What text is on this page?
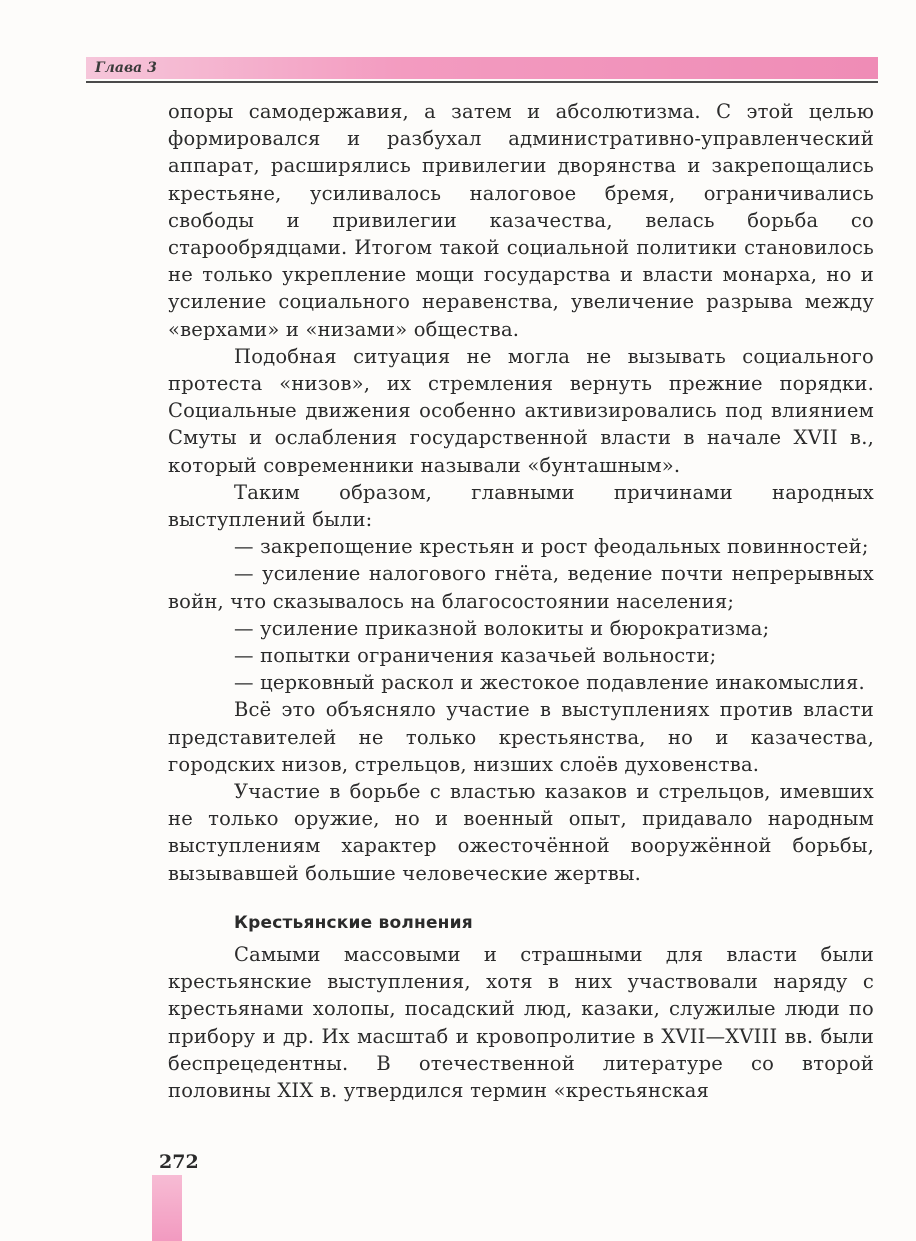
Глава 3

опоры самодержавия, а затем и абсолютизма. С этой целью формировался и разбухал административно-управленческий аппарат, расширялись привилегии дворянства и закрепощались крестьяне, усиливалось налоговое бремя, ограничивались свободы и привилегии казачества, велась борьба со старообрядцами. Итогом такой социальной политики становилось не только укрепление мощи государства и власти монарха, но и усиление социального неравенства, увеличение разрыва между «верхами» и «низами» общества.

Подобная ситуация не могла не вызывать социального протеста «низов», их стремления вернуть прежние порядки. Социальные движения особенно активизировались под влиянием Смуты и ослабления государственной власти в начале XVII в., который современники называли «бунташным».

Таким образом, главными причинами народных выступлений были:

— закрепощение крестьян и рост феодальных повинностей;

— усиление налогового гнёта, ведение почти непрерывных войн, что сказывалось на благосостоянии населения;

— усиление приказной волокиты и бюрократизма;

— попытки ограничения казачьей вольности;

— церковный раскол и жестокое подавление инакомыслия.

Всё это объясняло участие в выступлениях против власти представителей не только крестьянства, но и казачества, городских низов, стрельцов, низших слоёв духовенства.

Участие в борьбе с властью казаков и стрельцов, имевших не только оружие, но и военный опыт, придавало народным выступлениям характер ожесточённой вооружённой борьбы, вызывавшей большие человеческие жертвы.

Крестьянские волнения

Самыми массовыми и страшными для власти были крестьянские выступления, хотя в них участвовали наряду с крестьянами холопы, посадский люд, казаки, служилые люди по прибору и др. Их масштаб и кровопролитие в XVII—XVIII вв. были беспрецедентны. В отечественной литературе со второй половины XIX в. утвердился термин «крестьянская

272
